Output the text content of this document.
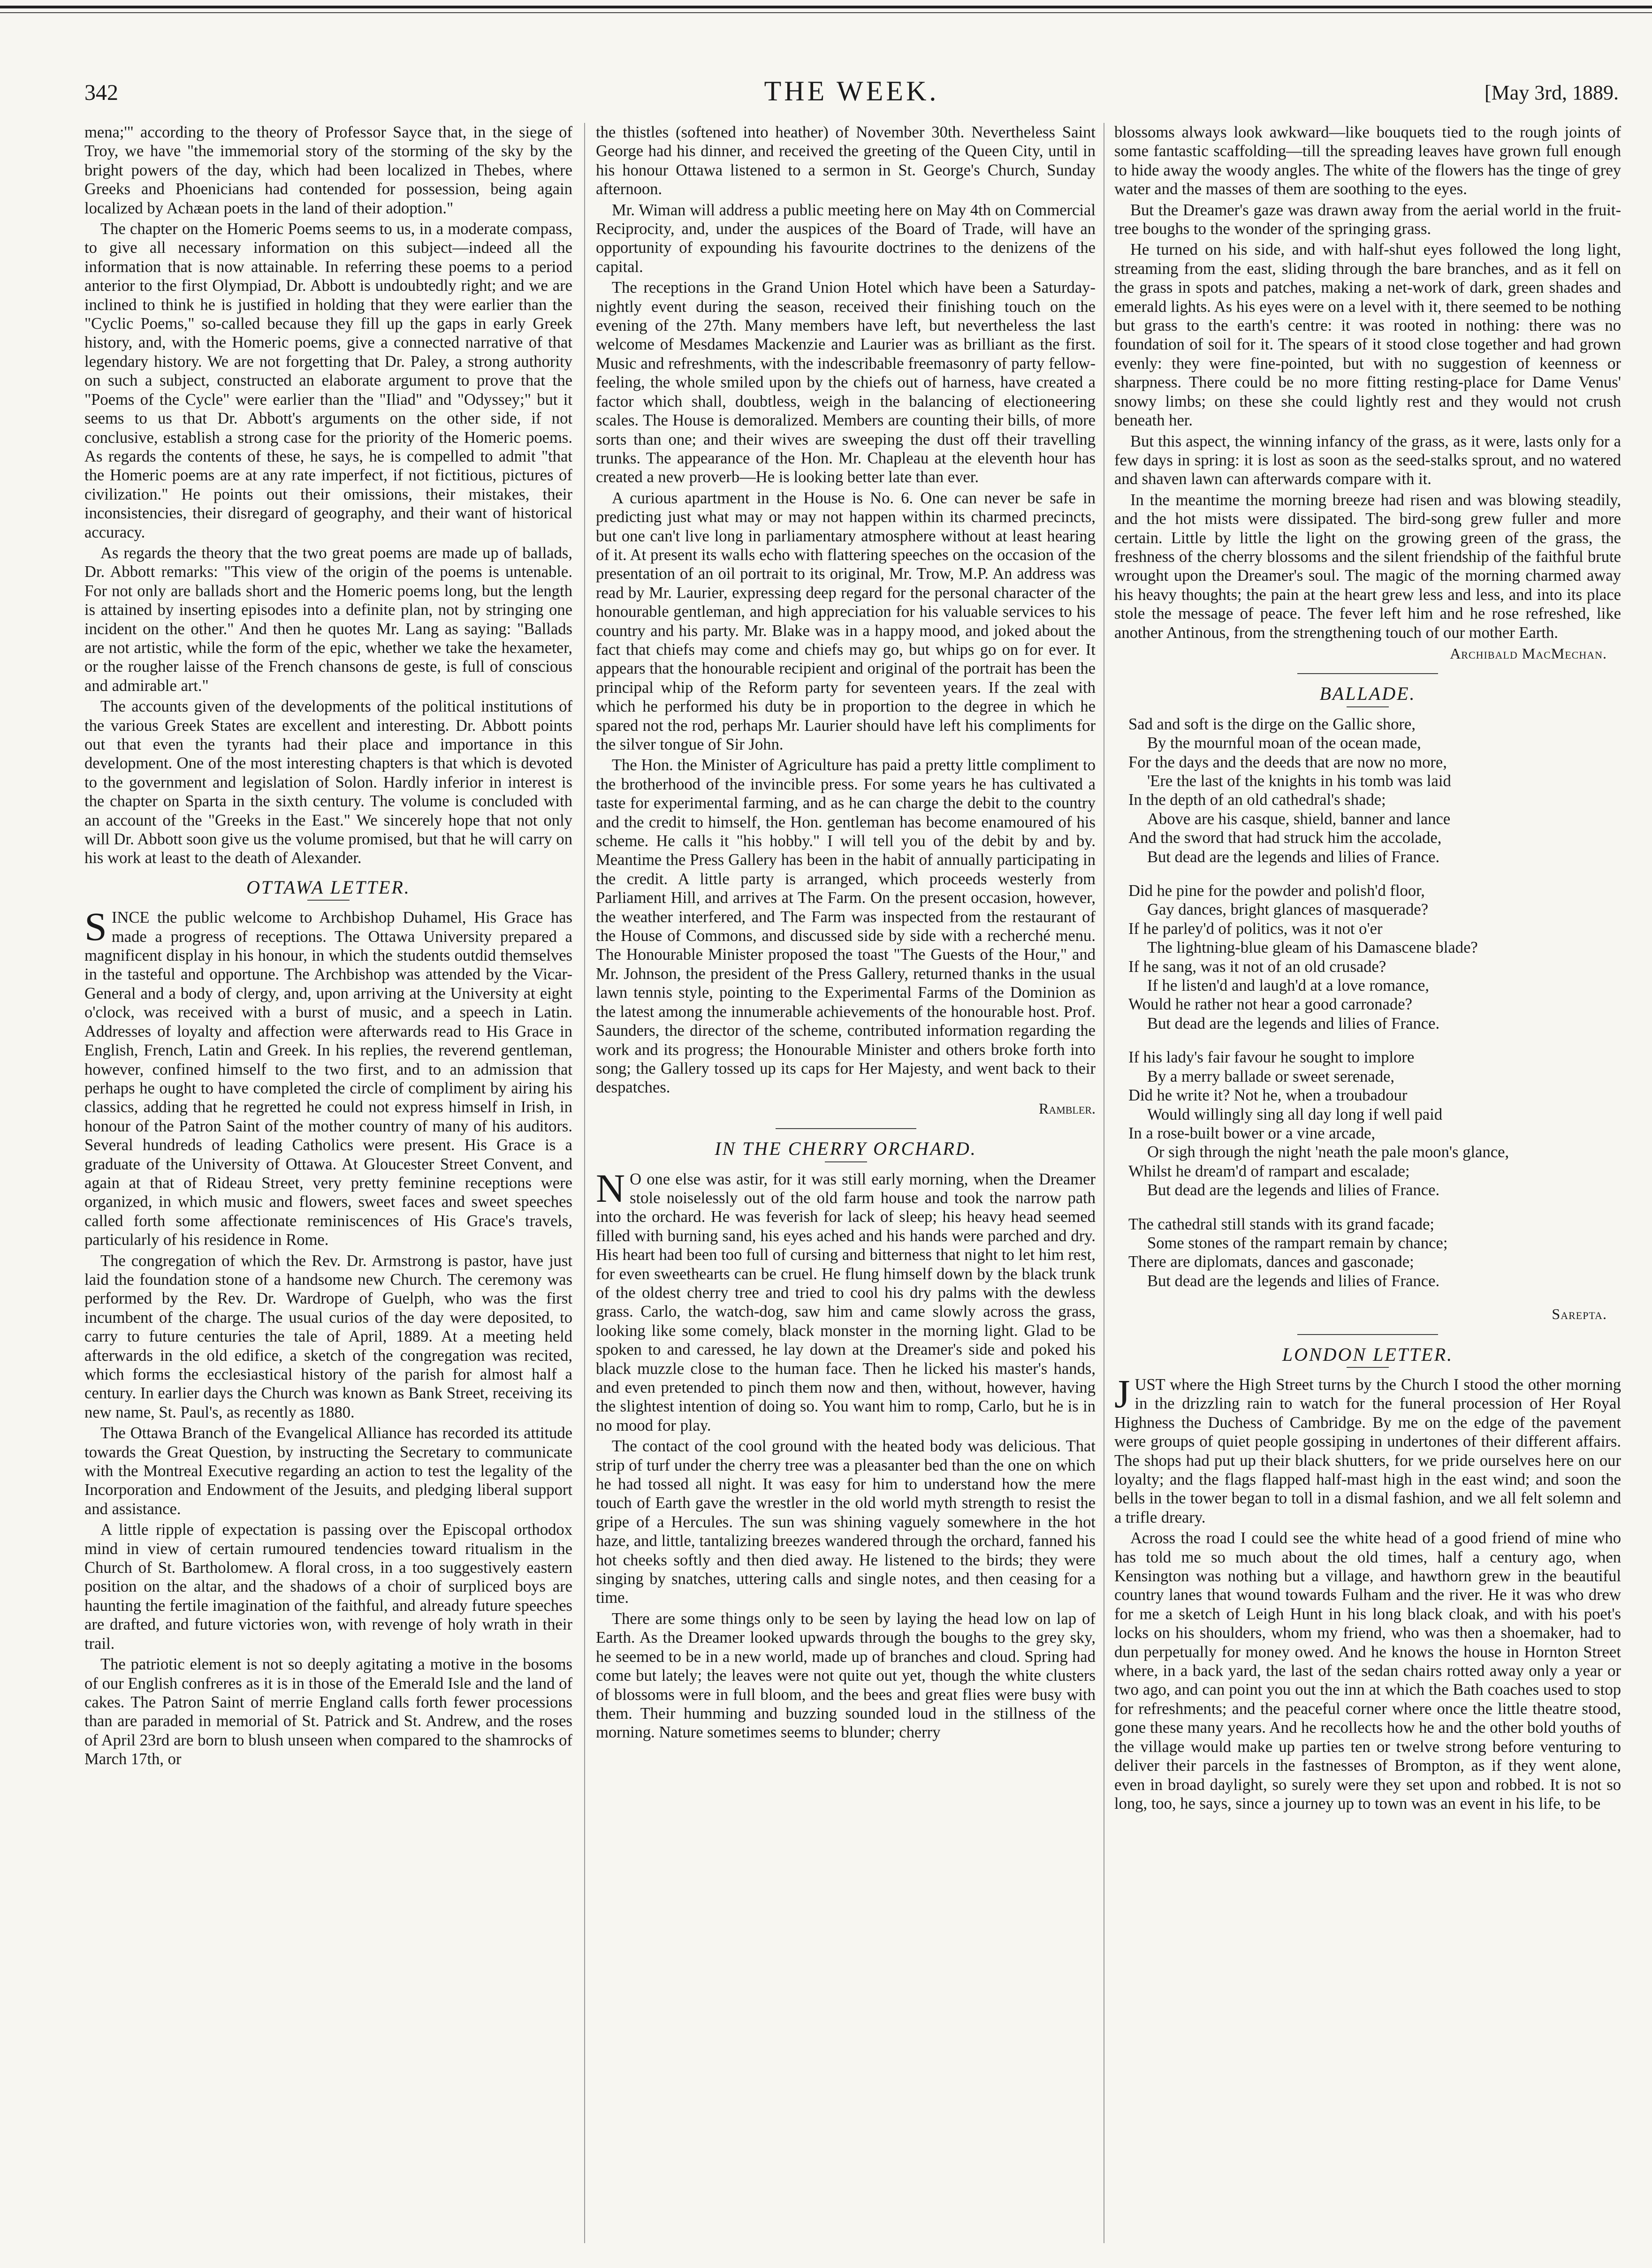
342	THE WEEK.	[May 3rd, 1889.

mena;'" according to the theory of Professor Sayce that, in the siege of Troy, we have "the immemorial story of the storming of the sky by the bright powers of the day, which had been localized in Thebes, where Greeks and Phoenicians had contended for possession, being again localized by Achæan poets in the land of their adoption."

The chapter on the Homeric Poems seems to us, in a moderate compass, to give all necessary information on this subject—indeed all the information that is now attainable. In referring these poems to a period anterior to the first Olympiad, Dr. Abbott is undoubtedly right; and we are inclined to think he is justified in holding that they were earlier than the "Cyclic Poems," so-called because they fill up the gaps in early Greek history, and, with the Homeric poems, give a connected narrative of that legendary history. We are not forgetting that Dr. Paley, a strong authority on such a subject, constructed an elaborate argument to prove that the "Poems of the Cycle" were earlier than the "Iliad" and "Odyssey;" but it seems to us that Dr. Abbott's arguments on the other side, if not conclusive, establish a strong case for the priority of the Homeric poems. As regards the contents of these, he says, he is compelled to admit "that the Homeric poems are at any rate imperfect, if not fictitious, pictures of civilization." He points out their omissions, their mistakes, their inconsistencies, their disregard of geography, and their want of historical accuracy.

As regards the theory that the two great poems are made up of ballads, Dr. Abbott remarks: "This view of the origin of the poems is untenable. For not only are ballads short and the Homeric poems long, but the length is attained by inserting episodes into a definite plan, not by stringing one incident on the other." And then he quotes Mr. Lang as saying: "Ballads are not artistic, while the form of the epic, whether we take the hexameter, or the rougher laisse of the French chansons de geste, is full of conscious and admirable art."

The accounts given of the developments of the political institutions of the various Greek States are excellent and interesting. Dr. Abbott points out that even the tyrants had their place and importance in this development. One of the most interesting chapters is that which is devoted to the government and legislation of Solon. Hardly inferior in interest is the chapter on Sparta in the sixth century. The volume is concluded with an account of the "Greeks in the East." We sincerely hope that not only will Dr. Abbott soon give us the volume promised, but that he will carry on his work at least to the death of Alexander.

OTTAWA LETTER.

SINCE the public welcome to Archbishop Duhamel, His Grace has made a progress of receptions. The Ottawa University prepared a magnificent display in his honour, in which the students outdid themselves in the tasteful and opportune. The Archbishop was attended by the Vicar-General and a body of clergy, and, upon arriving at the University at eight o'clock, was received with a burst of music, and a speech in Latin. Addresses of loyalty and affection were afterwards read to His Grace in English, French, Latin and Greek. In his replies, the reverend gentleman, however, confined himself to the two first, and to an admission that perhaps he ought to have completed the circle of compliment by airing his classics, adding that he regretted he could not express himself in Irish, in honour of the Patron Saint of the mother country of many of his auditors. Several hundreds of leading Catholics were present. His Grace is a graduate of the University of Ottawa. At Gloucester Street Convent, and again at that of Rideau Street, very pretty feminine receptions were organized, in which music and flowers, sweet faces and sweet speeches called forth some affectionate reminiscences of His Grace's travels, particularly of his residence in Rome.

The congregation of which the Rev. Dr. Armstrong is pastor, have just laid the foundation stone of a handsome new Church. The ceremony was performed by the Rev. Dr. Wardrope of Guelph, who was the first incumbent of the charge. The usual curios of the day were deposited, to carry to future centuries the tale of April, 1889. At a meeting held afterwards in the old edifice, a sketch of the congregation was recited, which forms the ecclesiastical history of the parish for almost half a century. In earlier days the Church was known as Bank Street, receiving its new name, St. Paul's, as recently as 1880.

The Ottawa Branch of the Evangelical Alliance has recorded its attitude towards the Great Question, by instructing the Secretary to communicate with the Montreal Executive regarding an action to test the legality of the Incorporation and Endowment of the Jesuits, and pledging liberal support and assistance.

A little ripple of expectation is passing over the Episcopal orthodox mind in view of certain rumoured tendencies toward ritualism in the Church of St. Bartholomew. A floral cross, in a too suggestively eastern position on the altar, and the shadows of a choir of surpliced boys are haunting the fertile imagination of the faithful, and already future speeches are drafted, and future victories won, with revenge of holy wrath in their trail.

The patriotic element is not so deeply agitating a motive in the bosoms of our English confreres as it is in those of the Emerald Isle and the land of cakes. The Patron Saint of merrie England calls forth fewer processions than are paraded in memorial of St. Patrick and St. Andrew, and the roses of April 23rd are born to blush unseen when compared to the shamrocks of March 17th, or

the thistles (softened into heather) of November 30th. Nevertheless Saint George had his dinner, and received the greeting of the Queen City, until in his honour Ottawa listened to a sermon in St. George's Church, Sunday afternoon.

Mr. Wiman will address a public meeting here on May 4th on Commercial Reciprocity, and, under the auspices of the Board of Trade, will have an opportunity of expounding his favourite doctrines to the denizens of the capital.

The receptions in the Grand Union Hotel which have been a Saturday-nightly event during the season, received their finishing touch on the evening of the 27th. Many members have left, but nevertheless the last welcome of Mesdames Mackenzie and Laurier was as brilliant as the first. Music and refreshments, with the indescribable freemasonry of party fellow-feeling, the whole smiled upon by the chiefs out of harness, have created a factor which shall, doubtless, weigh in the balancing of electioneering scales. The House is demoralized. Members are counting their bills, of more sorts than one; and their wives are sweeping the dust off their travelling trunks. The appearance of the Hon. Mr. Chapleau at the eleventh hour has created a new proverb—He is looking better late than ever.

A curious apartment in the House is No. 6. One can never be safe in predicting just what may or may not happen within its charmed precincts, but one can't live long in parliamentary atmosphere without at least hearing of it. At present its walls echo with flattering speeches on the occasion of the presentation of an oil portrait to its original, Mr. Trow, M.P. An address was read by Mr. Laurier, expressing deep regard for the personal character of the honourable gentleman, and high appreciation for his valuable services to his country and his party. Mr. Blake was in a happy mood, and joked about the fact that chiefs may come and chiefs may go, but whips go on for ever. It appears that the honourable recipient and original of the portrait has been the principal whip of the Reform party for seventeen years. If the zeal with which he performed his duty be in proportion to the degree in which he spared not the rod, perhaps Mr. Laurier should have left his compliments for the silver tongue of Sir John.

The Hon. the Minister of Agriculture has paid a pretty little compliment to the brotherhood of the invincible press. For some years he has cultivated a taste for experimental farming, and as he can charge the debit to the country and the credit to himself, the Hon. gentleman has become enamoured of his scheme. He calls it "his hobby." I will tell you of the debit by and by. Meantime the Press Gallery has been in the habit of annually participating in the credit. A little party is arranged, which proceeds westerly from Parliament Hill, and arrives at The Farm. On the present occasion, however, the weather interfered, and The Farm was inspected from the restaurant of the House of Commons, and discussed side by side with a recherché menu. The Honourable Minister proposed the toast "The Guests of the Hour," and Mr. Johnson, the president of the Press Gallery, returned thanks in the usual lawn tennis style, pointing to the Experimental Farms of the Dominion as the latest among the innumerable achievements of the honourable host. Prof. Saunders, the director of the scheme, contributed information regarding the work and its progress; the Honourable Minister and others broke forth into song; the Gallery tossed up its caps for Her Majesty, and went back to their despatches.

Rambler.
IN THE CHERRY ORCHARD.

N O one else was astir, for it was still early morning, when the Dreamer stole noiselessly out of the old farm house and took the narrow path into the orchard. He was feverish for lack of sleep; his heavy head seemed filled with burning sand, his eyes ached and his hands were parched and dry. His heart had been too full of cursing and bitterness that night to let him rest, for even sweethearts can be cruel. He flung himself down by the black trunk of the oldest cherry tree and tried to cool his dry palms with the dewless grass. Carlo, the watch-dog, saw him and came slowly across the grass, looking like some comely, black monster in the morning light. Glad to be spoken to and caressed, he lay down at the Dreamer's side and poked his black muzzle close to the human face. Then he licked his master's hands, and even pretended to pinch them now and then, without, however, having the slightest intention of doing so. You want him to romp, Carlo, but he is in no mood for play.

The contact of the cool ground with the heated body was delicious. That strip of turf under the cherry tree was a pleasanter bed than the one on which he had tossed all night. It was easy for him to understand how the mere touch of Earth gave the wrestler in the old world myth strength to resist the gripe of a Hercules. The sun was shining vaguely somewhere in the hot haze, and little, tantalizing breezes wandered through the orchard, fanned his hot cheeks softly and then died away. He listened to the birds; they were singing by snatches, uttering calls and single notes, and then ceasing for a time.

There are some things only to be seen by laying the head low on lap of Earth. As the Dreamer looked upwards through the boughs to the grey sky, he seemed to be in a new world, made up of branches and cloud. Spring had come but lately; the leaves were not quite out yet, though the white clusters of blossoms were in full bloom, and the bees and great flies were busy with them. Their humming and buzzing sounded loud in the stillness of the morning. Nature sometimes seems to blunder; cherry

blossoms always look awkward—like bouquets tied to the rough joints of some fantastic scaffolding—till the spreading leaves have grown full enough to hide away the woody angles. The white of the flowers has the tinge of grey water and the masses of them are soothing to the eyes.

But the Dreamer's gaze was drawn away from the aerial world in the fruit-tree boughs to the wonder of the springing grass.

He turned on his side, and with half-shut eyes followed the long light, streaming from the east, sliding through the bare branches, and as it fell on the grass in spots and patches, making a net-work of dark, green shades and emerald lights. As his eyes were on a level with it, there seemed to be nothing but grass to the earth's centre: it was rooted in nothing: there was no foundation of soil for it. The spears of it stood close together and had grown evenly: they were fine-pointed, but with no suggestion of keenness or sharpness. There could be no more fitting resting-place for Dame Venus' snowy limbs; on these she could lightly rest and they would not crush beneath her.

But this aspect, the winning infancy of the grass, as it were, lasts only for a few days in spring: it is lost as soon as the seed-stalks sprout, and no watered and shaven lawn can afterwards compare with it.

In the meantime the morning breeze had risen and was blowing steadily, and the hot mists were dissipated. The bird-song grew fuller and more certain. Little by little the light on the growing green of the grass, the freshness of the cherry blossoms and the silent friendship of the faithful brute wrought upon the Dreamer's soul. The magic of the morning charmed away his heavy thoughts; the pain at the heart grew less and less, and into its place stole the message of peace. The fever left him and he rose refreshed, like another Antinous, from the strengthening touch of our mother Earth.

Archibald MacMechan.
BALLADE.
Sad and soft is the dirge on the Gallic shore,
By the mournful moan of the ocean made,
For the days and the deeds that are now no more,
'Ere the last of the knights in his tomb was laid
In the depth of an old cathedral's shade;
Above are his casque, shield, banner and lance
And the sword that had struck him the accolade,
But dead are the legends and lilies of France.
Did he pine for the powder and polish'd floor,
Gay dances, bright glances of masquerade?
If he parley'd of politics, was it not o'er
The lightning-blue gleam of his Damascene blade?
If he sang, was it not of an old crusade?
If he listen'd and laugh'd at a love romance,
Would he rather not hear a good carronade?
But dead are the legends and lilies of France.
If his lady's fair favour he sought to implore
By a merry ballade or sweet serenade,
Did he write it? Not he, when a troubadour
Would willingly sing all day long if well paid
In a rose-built bower or a vine arcade,
Or sigh through the night 'neath the pale moon's glance,
Whilst he dream'd of rampart and escalade;
But dead are the legends and lilies of France.
The cathedral still stands with its grand facade;
Some stones of the rampart remain by chance;
There are diplomats, dances and gasconade;
But dead are the legends and lilies of France.
Sarepta.
LONDON LETTER.

JUST where the High Street turns by the Church I stood the other morning in the drizzling rain to watch for the funeral procession of Her Royal Highness the Duchess of Cambridge. By me on the edge of the pavement were groups of quiet people gossiping in undertones of their different affairs. The shops had put up their black shutters, for we pride ourselves here on our loyalty; and the flags flapped half-mast high in the east wind; and soon the bells in the tower began to toll in a dismal fashion, and we all felt solemn and a trifle dreary.

Across the road I could see the white head of a good friend of mine who has told me so much about the old times, half a century ago, when Kensington was nothing but a village, and hawthorn grew in the beautiful country lanes that wound towards Fulham and the river. He it was who drew for me a sketch of Leigh Hunt in his long black cloak, and with his poet's locks on his shoulders, whom my friend, who was then a shoemaker, had to dun perpetually for money owed. And he knows the house in Hornton Street where, in a back yard, the last of the sedan chairs rotted away only a year or two ago, and can point you out the inn at which the Bath coaches used to stop for refreshments; and the peaceful corner where once the little theatre stood, gone these many years. And he recollects how he and the other bold youths of the village would make up parties ten or twelve strong before venturing to deliver their parcels in the fastnesses of Brompton, as if they went alone, even in broad daylight, so surely were they set upon and robbed. It is not so long, too, he says, since a journey up to town was an event in his life, to be
